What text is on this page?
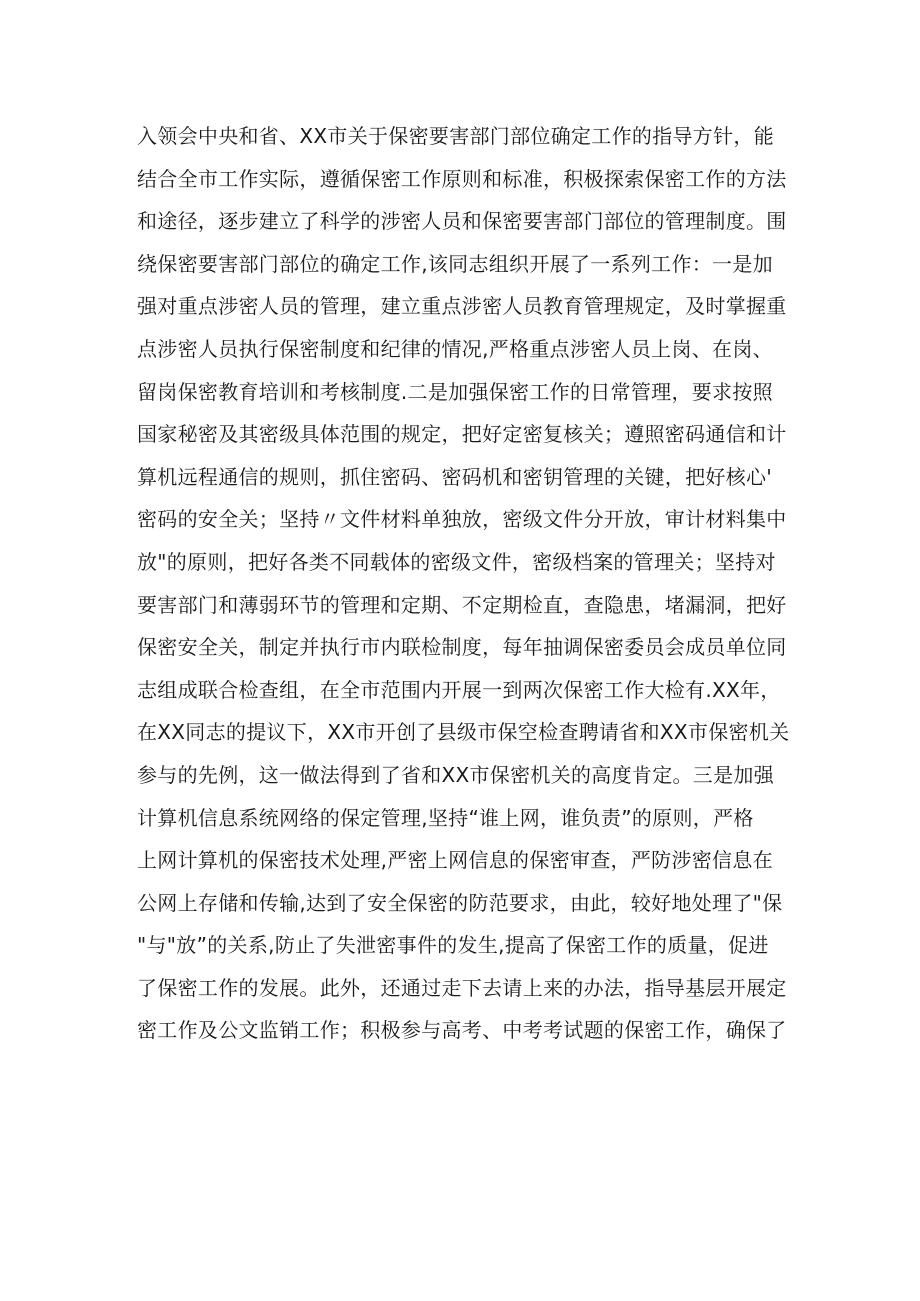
入领会中央和省、XX市关于保密要害部门部位确定工作的指导方针，能
结合全市工作实际，遵循保密工作原则和标准，积极探索保密工作的方法
和途径，逐步建立了科学的涉密人员和保密要害部门部位的管理制度。围
绕保密要害部门部位的确定工作,该同志组织开展了一系列工作：一是加
强对重点涉密人员的管理，建立重点涉密人员教育管理规定，及时掌握重
点涉密人员执行保密制度和纪律的情况,严格重点涉密人员上岗、在岗、
留岗保密教育培训和考核制度.二是加强保密工作的日常管理，要求按照
国家秘密及其密级具体范围的规定，把好定密复核关；遵照密码通信和计
算机远程通信的规则，抓住密码、密码机和密钥管理的关键，把好核心'
密码的安全关；坚持〃文件材料单独放，密级文件分开放，审计材料集中
放"的原则，把好各类不同载体的密级文件，密级档案的管理关；坚持对
要害部门和薄弱环节的管理和定期、不定期检直，查隐患，堵漏洞，把好
保密安全关，制定并执行市内联检制度，每年抽调保密委员会成员单位同
志组成联合检查组，在全市范围内开展一到两次保密工作大检有.XX年，
在XX同志的提议下，XX市开创了县级市保空检查聘请省和XX市保密机关
参与的先例，这一做法得到了省和XX市保密机关的高度肯定。三是加强
计算机信息系统网络的保定管理,坚持“谁上网，谁负责”的原则，严格
上网计算机的保密技术处理,严密上网信息的保密审查，严防涉密信息在
公网上存储和传输,达到了安全保密的防范要求，由此，较好地处理了"保
"与"放”的关系,防止了失泄密事件的发生,提高了保密工作的质量，促进
了保密工作的发展。此外，还通过走下去请上来的办法，指导基层开展定
密工作及公文监销工作；积极参与高考、中考考试题的保密工作，确保了
